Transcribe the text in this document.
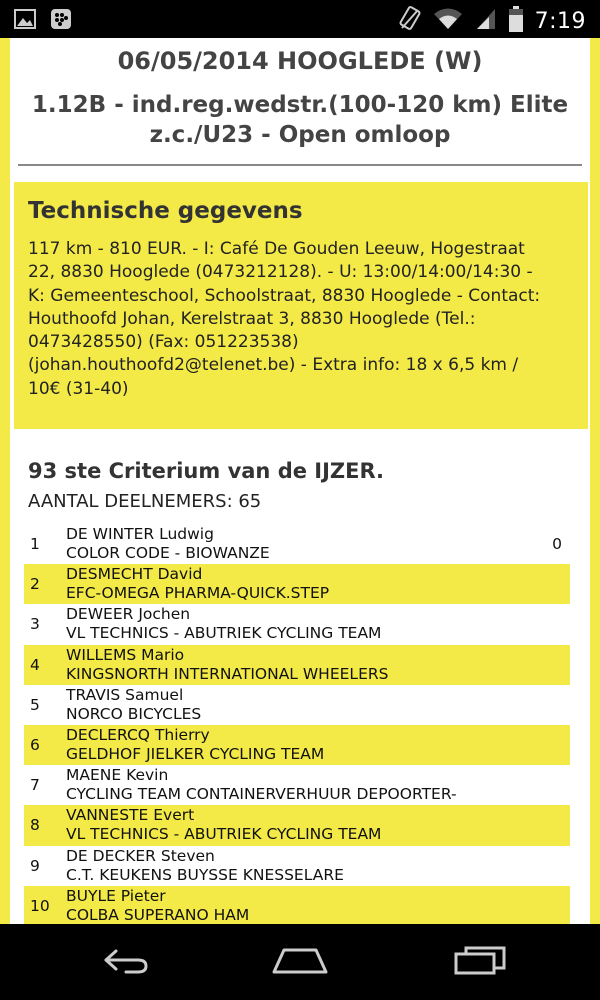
7:19
06/05/2014 HOOGLEDE (W)
1.12B - ind.reg.wedstr.(100-120 km) Elite
z.c./U23 - Open omloop
Technische gegevens
117 km - 810 EUR. - I: Café De Gouden Leeuw, Hogestraat
22, 8830 Hooglede (0473212128). - U: 13:00/14:00/14:30 -
K: Gemeenteschool, Schoolstraat, 8830 Hooglede - Contact:
Houthoofd Johan, Kerelstraat 3, 8830 Hooglede (Tel.:
0473428550) (Fax: 051223538)
(johan.houthoofd2@telenet.be) - Extra info: 18 x 6,5 km /
10€ (31-40)
93 ste Criterium van de IJZER.
AANTAL DEELNEMERS: 65
1
DE WINTER Ludwig
COLOR CODE - BIOWANZE	0
2
DESMECHT David
EFC-OMEGA PHARMA-QUICK.STEP
3
DEWEER Jochen
VL TECHNICS - ABUTRIEK CYCLING TEAM
4
WILLEMS Mario
KINGSNORTH INTERNATIONAL WHEELERS
5
TRAVIS Samuel
NORCO BICYCLES
6
DECLERCQ Thierry
GELDHOF JIELKER CYCLING TEAM
7
MAENE Kevin
CYCLING TEAM CONTAINERVERHUUR DEPOORTER-
8
VANNESTE Evert
VL TECHNICS - ABUTRIEK CYCLING TEAM
9
DE DECKER Steven
C.T. KEUKENS BUYSSE KNESSELARE
10
BUYLE Pieter
COLBA SUPERANO HAM
